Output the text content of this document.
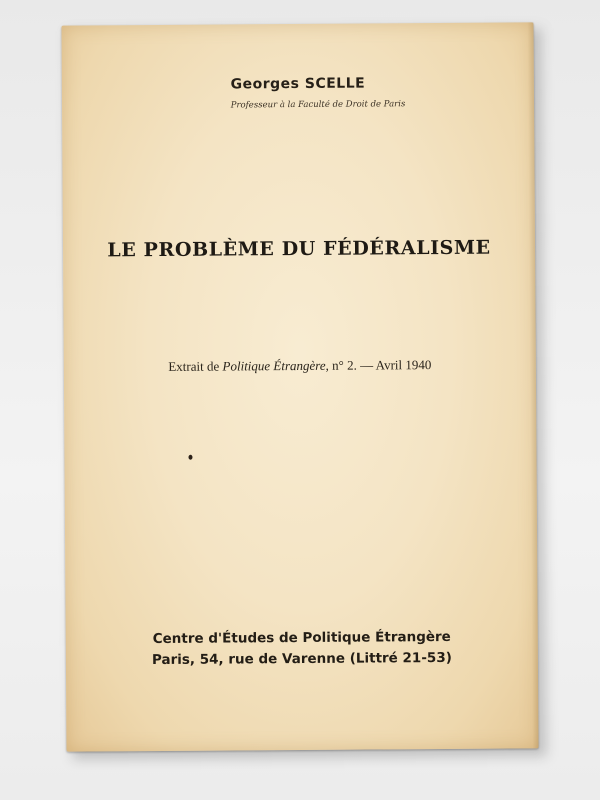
Georges SCELLE
Professeur à la Faculté de Droit de Paris
LE PROBLÈME DU FÉDÉRALISME
Extrait de Politique Étrangère, n° 2. — Avril 1940
Centre d'Études de Politique Étrangère
Paris, 54, rue de Varenne (Littré 21-53)
